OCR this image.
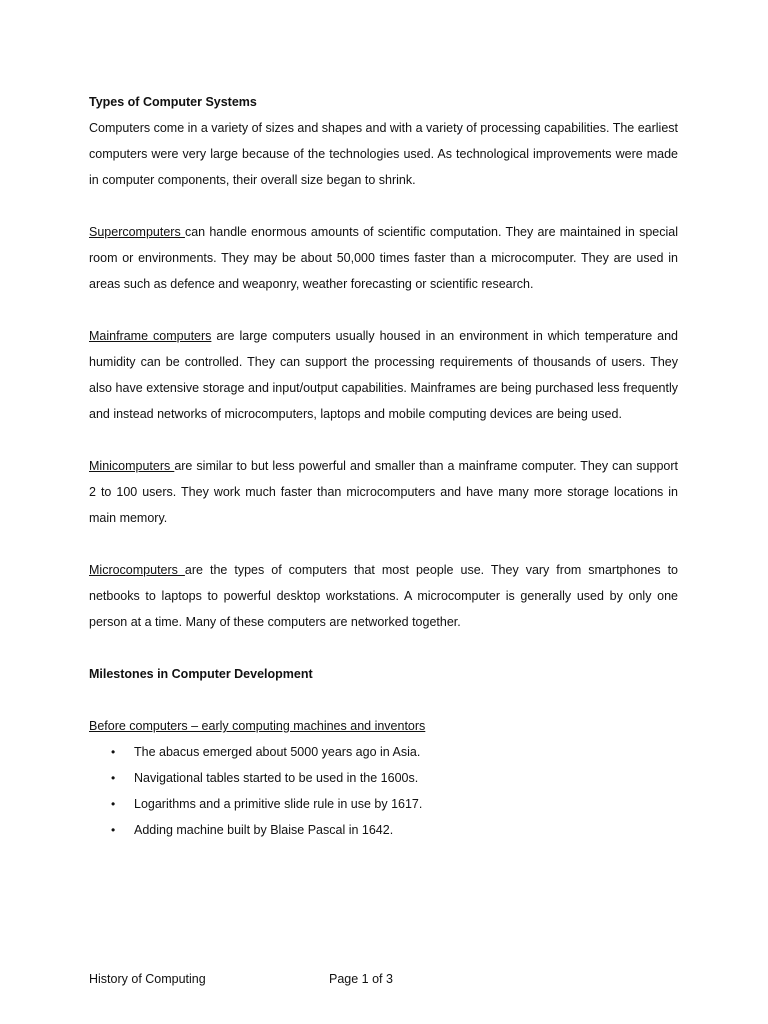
Types of Computer Systems

Computers come in a variety of sizes and shapes and with a variety of processing capabilities. The earliest computers were very large because of the technologies used. As technological improvements were made in computer components, their overall size began to shrink.

Supercomputers can handle enormous amounts of scientific computation. They are maintained in special room or environments. They may be about 50,000 times faster than a microcomputer. They are used in areas such as defence and weaponry, weather forecasting or scientific research.

Mainframe computers are large computers usually housed in an environment in which temperature and humidity can be controlled. They can support the processing requirements of thousands of users. They also have extensive storage and input/output capabilities. Mainframes are being purchased less frequently and instead networks of microcomputers, laptops and mobile computing devices are being used.

Minicomputers are similar to but less powerful and smaller than a mainframe computer. They can support 2 to 100 users. They work much faster than microcomputers and have many more storage locations in main memory.

Microcomputers are the types of computers that most people use. They vary from smartphones to netbooks to laptops to powerful desktop workstations. A microcomputer is generally used by only one person at a time. Many of these computers are networked together.

Milestones in Computer Development

Before computers – early computing machines and inventors

• The abacus emerged about 5000 years ago in Asia.
• Navigational tables started to be used in the 1600s.
• Logarithms and a primitive slide rule in use by 1617.
• Adding machine built by Blaise Pascal in 1642.
History of Computing	Page 1 of 3
